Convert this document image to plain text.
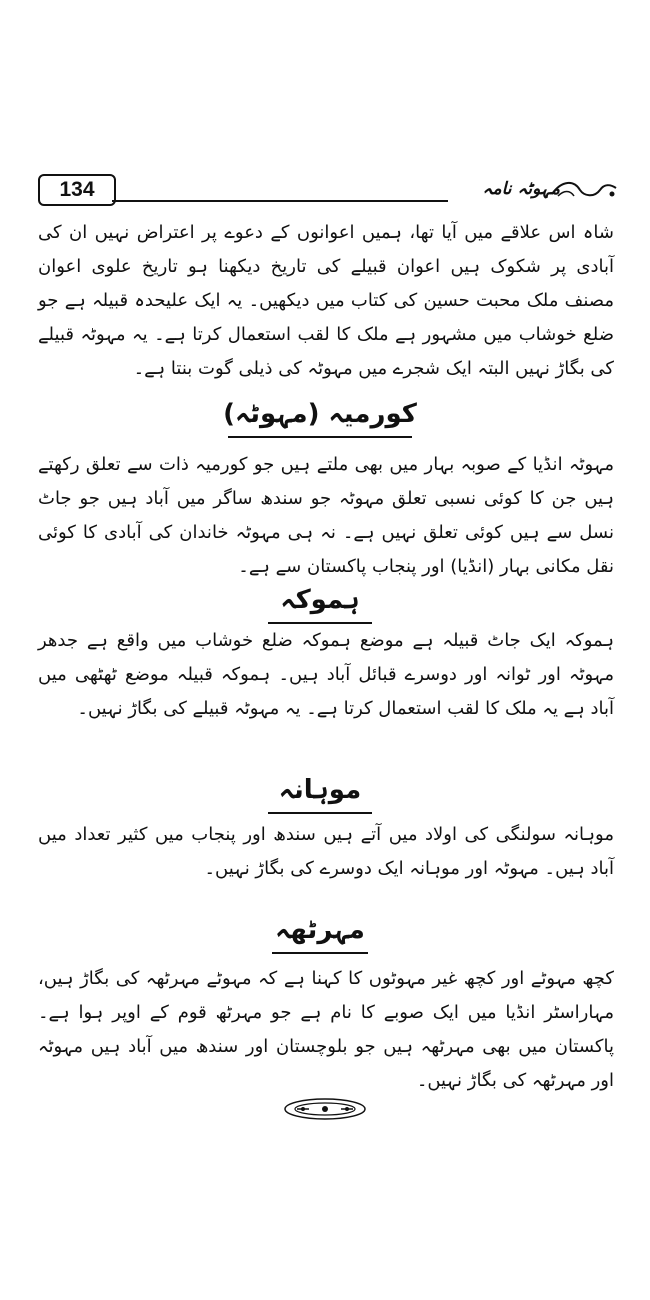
134	مہوٹہ نامہ
شاہ اس علاقے میں آیا تھا، ہمیں اعوانوں کے دعوے پر اعتراض نہیں ان کی آبادی پر شکوک ہیں اعوان قبیلے کی تاریخ دیکھنا ہو تاریخ علوی اعوان مصنف ملک محبت حسین کی کتاب میں دیکھیں۔ یہ ایک علیحدہ قبیلہ ہے جو ضلع خوشاب میں مشہور ہے ملک کا لقب استعمال کرتا ہے۔ یہ مہوٹہ قبیلے کی بگاڑ نہیں البتہ ایک شجرے میں مہوٹہ کی ذیلی گوت بنتا ہے۔
کورمیہ (مہوٹہ)
مہوٹہ انڈیا کے صوبہ بہار میں بھی ملتے ہیں جو کورمیہ ذات سے تعلق رکھتے ہیں جن کا کوئی نسبی تعلق مہوٹہ جو سندھ ساگر میں آباد ہیں جو جاٹ نسل سے ہیں کوئی تعلق نہیں ہے۔ نہ ہی مہوٹہ خاندان کی آبادی کا کوئی نقل مکانی بہار (انڈیا) اور پنجاب پاکستان سے ہے۔
ہموکہ
ہموکہ ایک جاٹ قبیلہ ہے موضع ہموکہ ضلع خوشاب میں واقع ہے جدھر مہوٹہ اور ٹوانہ اور دوسرے قبائل آباد ہیں۔ ہموکہ قبیلہ موضع ٹھٹھی میں آباد ہے یہ ملک کا لقب استعمال کرتا ہے۔ یہ مہوٹہ قبیلے کی بگاڑ نہیں۔
موہانہ
موہانہ سولنگی کی اولاد میں آتے ہیں سندھ اور پنجاب میں کثیر تعداد میں آباد ہیں۔ مہوٹہ اور موہانہ ایک دوسرے کی بگاڑ نہیں۔
مہرٹھہ
کچھ مہوٹے اور کچھ غیر مہوٹوں کا کہنا ہے کہ مہوٹے مہرٹھہ کی بگاڑ ہیں، مہاراسٹر انڈیا میں ایک صوبے کا نام ہے جو مہرٹھ قوم کے اوپر ہوا ہے۔ پاکستان میں بھی مہرٹھہ ہیں جو بلوچستان اور سندھ میں آباد ہیں مہوٹہ اور مہرٹھہ کی بگاڑ نہیں۔
